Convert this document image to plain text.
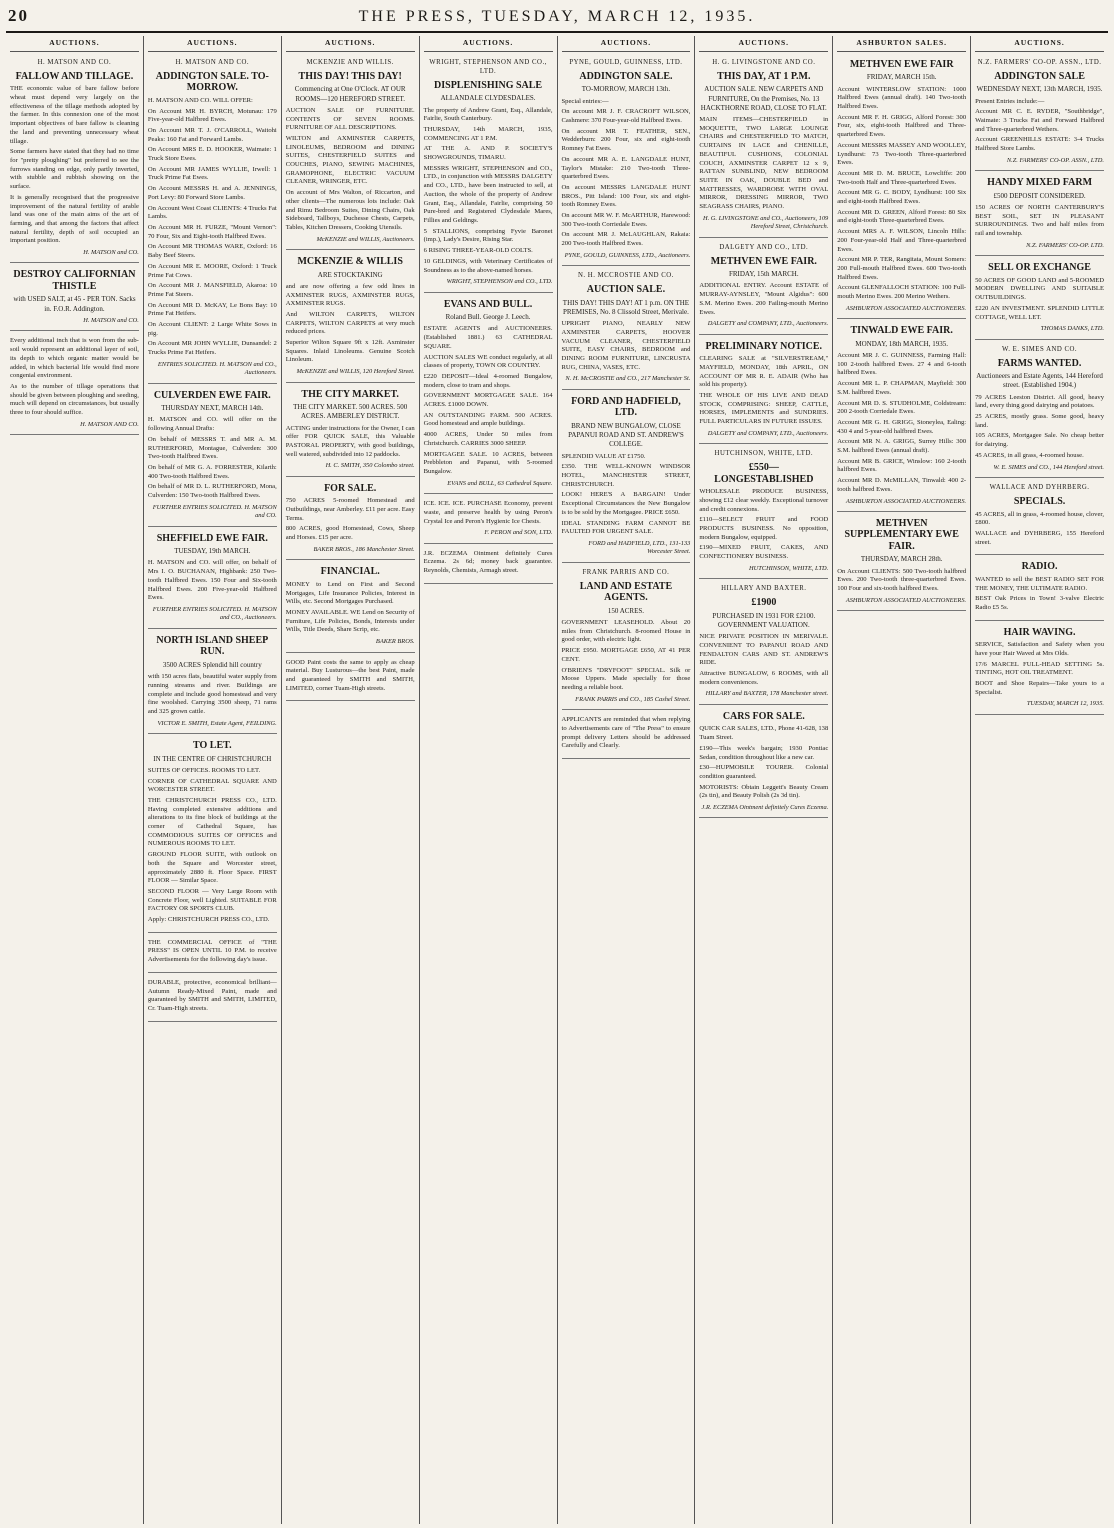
20	THE PRESS, TUESDAY, MARCH 12, 1935.
AUCTIONS.
H. MATSON AND CO.
FALLOW AND TILLAGE.
THE economic value of bare fallow before wheat must depend very largely on the effectiveness of the tillage methods adopted by the farmer. In this connexion one of the most important objectives of bare fallow is cleaning the land and preventing unnecessary wheat tillage.
Some farmers have stated that they had no time for "pretty ploughing" but preferred to see the furrows standing on edge, only partly inverted, with stubble and rubbish showing on the surface.
It is generally recognised that the progressive improvement of the natural fertility of arable land was one of the main aims of the art of farming, and that among the factors that affect natural fertility, depth of soil occupied an important position.
H. MATSON and CO.
DESTROY CALIFORNIAN THISTLE
with USED SALT, at 45 - PER TON. Sacks in. F.O.R. Addington.
H. MATSON and CO.
Every additional inch that is won from the sub-soil would represent an additional layer of soil, its depth to which organic matter would be added, in which bacterial life would find more congenial environment.
As to the number of tillage operations that should be given between ploughing and seeding, much will depend on circumstances, but usually three to four should suffice.
H. MATSON AND CO.
AUCTIONS.
H. MATSON AND CO.
ADDINGTON SALE. TO-MORROW.
H. MATSON AND CO. WILL OFFER:
On Account MR H. BYRCH, Motunau: 179 Five-year-old Halfbred Ewes.
On Account MR T. J. O'CARROLL, Waitohi Peaks: 160 Fat and Forward Lambs.
On Account MRS E. D. HOOKER, Waimate: 1 Truck Store Ewes.
On Account MR JAMES WYLLIE, Irwell: 1 Truck Prime Fat Ewes.
On Account MESSRS H. and A. JENNINGS, Port Levy: 80 Forward Store Lambs.
On Account West Coast CLIENTS: 4 Trucks Fat Lambs.
On Account MR H. FURZE, "Mount Vernon": 70 Four, Six and Eight-tooth Halfbred Ewes.
On Account MR THOMAS WARE, Oxford: 16 Baby Beef Steers.
On Account MR E. MOORE, Oxford: 1 Truck Prime Fat Cows.
On Account MR J. MANSFIELD, Akaroa: 10 Prime Fat Steers.
On Account MR D. McKAY, Le Bons Bay: 10 Prime Fat Heifers.
On Account CLIENT: 2 Large White Sows in pig.
On Account MR JOHN WYLLIE, Dunsandel: 2 Trucks Prime Fat Heifers.
ENTRIES SOLICITED. H. MATSON and CO., Auctioneers.
CULVERDEN EWE FAIR.
THURSDAY NEXT, MARCH 14th.
H. MATSON and CO. will offer on the following Annual Drafts:
On behalf of MESSRS T. and MR A. M. RUTHERFORD, Montague, Culverden: 300 Two-tooth Halfbred Ewes.
On behalf of MR G. A. FORRESTER, Kilarth: 400 Two-tooth Halfbred Ewes.
On behalf of MR D. L. RUTHERFORD, Mona, Culverden: 150 Two-tooth Halfbred Ewes.
FURTHER ENTRIES SOLICITED. H. MATSON and CO.
SHEFFIELD EWE FAIR.
TUESDAY, 19th MARCH.
H. MATSON and CO. will offer, on behalf of Mrs I. O. BUCHANAN, Highbank: 250 Two-tooth Halfbred Ewes. 150 Four and Six-tooth Halfbred Ewes. 200 Five-year-old Halfbred Ewes.
FURTHER ENTRIES SOLICITED. H. MATSON and CO., Auctioneers.
NORTH ISLAND SHEEP RUN.
3500 ACRES Splendid hill country
with 150 acres flats, beautiful water supply from running streams and river. Buildings are complete and include good homestead and very fine woolshed. Carrying 3500 sheep, 71 rams and 325 grown cattle.
VICTOR E. SMITH, Estate Agent, FEILDING.
TO LET.
IN THE CENTRE OF CHRISTCHURCH
SUITES OF OFFICES. ROOMS TO LET.
CORNER OF CATHEDRAL SQUARE AND WORCESTER STREET.
THE CHRISTCHURCH PRESS CO., LTD. Having completed extensive additions and alterations to its fine block of buildings at the corner of Cathedral Square, has COMMODIOUS SUITES OF OFFICES and NUMEROUS ROOMS TO LET.
GROUND FLOOR SUITE, with outlook on both the Square and Worcester street, approximately 2880 ft. Floor Space. FIRST FLOOR — Similar Space.
SECOND FLOOR — Very Large Room with Concrete Floor, well Lighted. SUITABLE FOR FACTORY OR SPORTS CLUB.
Apply: CHRISTCHURCH PRESS CO., LTD.
THE COMMERCIAL OFFICE of "THE PRESS" IS OPEN UNTIL 10 P.M. to receive Advertisements for the following day's issue.
DURABLE, protective, economical brilliant—Autumn Ready-Mixed Paint, made and guaranteed by SMITH and SMITH, LIMITED, Cr. Tuam-High streets.
AUCTIONS.
MCKENZIE AND WILLIS.
THIS DAY! THIS DAY!
Commencing at One O'Clock. AT OUR ROOMS—120 HEREFORD STREET.
AUCTION SALE OF FURNITURE. CONTENTS OF SEVEN ROOMS. FURNITURE OF ALL DESCRIPTIONS.
WILTON and AXMINSTER CARPETS, LINOLEUMS, BEDROOM and DINING SUITES, CHESTERFIELD SUITES and COUCHES, PIANO, SEWING MACHINES, GRAMOPHONE, ELECTRIC VACUUM CLEANER, WRINGER, ETC.
On account of Mrs Walton, of Riccarton, and other clients—The numerous lots include: Oak and Rimu Bedroom Suites, Dining Chairs, Oak Sideboard, Tallboys, Duchesse Chests, Carpets, Tables, Kitchen Dressers, Cooking Utensils.
McKENZIE and WILLIS, Auctioneers.
MCKENZIE & WILLIS
ARE STOCKTAKING
and are now offering a few odd lines in AXMINSTER RUGS, AXMINSTER RUGS, AXMINSTER RUGS.
And WILTON CARPETS, WILTON CARPETS, WILTON CARPETS at very much reduced prices.
Superior Wilton Square 9ft x 12ft. Axminster Squares. Inlaid Linoleums. Genuine Scotch Linoleum.
McKENZIE and WILLIS, 120 Hereford Street.
THE CITY MARKET.
THE CITY MARKET. 500 ACRES. 500 ACRES. AMBERLEY DISTRICT.
ACTING under instructions for the Owner, I can offer FOR QUICK SALE, this Valuable PASTORAL PROPERTY, with good buildings, well watered, subdivided into 12 paddocks.
H. C. SMITH, 350 Colombo street.
FOR SALE.
750 ACRES 5-roomed Homestead and Outbuildings, near Amberley. £11 per acre. Easy Terms.
800 ACRES, good Homestead, Cows, Sheep and Horses. £15 per acre.
BAKER BROS., 186 Manchester Street.
FINANCIAL.
MONEY to Lend on First and Second Mortgages, Life Insurance Policies, Interest in Wills, etc. Second Mortgages Purchased.
MONEY AVAILABLE. WE Lend on Security of Furniture, Life Policies, Bonds, Interests under Wills, Title Deeds, Share Scrip, etc.
BAKER BROS.
GOOD Paint costs the same to apply as cheap material. Buy Lusturous—the best Paint, made and guaranteed by SMITH and SMITH, LIMITED, corner Tuam-High streets.
AUCTIONS.
WRIGHT, STEPHENSON AND CO., LTD.
DISPLENISHING SALE
ALLANDALE CLYDESDALES.
The property of Andrew Grant, Esq., Allandale, Fairlie, South Canterbury.
THURSDAY, 14th MARCH, 1935, COMMENCING AT 1 P.M.
AT THE A. AND P. SOCIETY'S SHOWGROUNDS, TIMARU.
MESSRS WRIGHT, STEPHENSON and CO., LTD., in conjunction with MESSRS DALGETY and CO., LTD., have been instructed to sell, at Auction, the whole of the property of Andrew Grant, Esq., Allandale, Fairlie, comprising 50 Pure-bred and Registered Clydesdale Mares, Fillies and Geldings.
5 STALLIONS, comprising Fyvie Baronet (imp.), Lady's Desire, Rising Star.
6 RISING THREE-YEAR-OLD COLTS.
10 GELDINGS, with Veterinary Certificates of Soundness as to the above-named horses.
WRIGHT, STEPHENSON and CO., LTD.
EVANS AND BULL.
Roland Bull. George J. Leech.
ESTATE AGENTS and AUCTIONEERS. (Established 1881.) 63 CATHEDRAL SQUARE.
AUCTION SALES WE conduct regularly, at all classes of property, TOWN OR COUNTRY.
£220 DEPOSIT—Ideal 4-roomed Bungalow, modern, close to tram and shops.
GOVERNMENT MORTGAGEE SALE. 164 ACRES. £1000 DOWN.
AN OUTSTANDING FARM. 500 ACRES. Good homestead and ample buildings.
4000 ACRES, Under 50 miles from Christchurch. CARRIES 3000 SHEEP.
MORTGAGEE SALE. 10 ACRES, between Prebbleton and Papanui, with 5-roomed Bungalow.
EVANS and BULL, 63 Cathedral Square.
ICE. ICE. ICE. PURCHASE Economy, prevent waste, and preserve health by using Peron's Crystal Ice and Peron's Hygienic Ice Chests.
F. PERON and SON, LTD.
J.R. ECZEMA Ointment definitely Cures Eczema. 2s 6d; money back guarantee. Reynolds, Chemists, Armagh street.
AUCTIONS.
PYNE, GOULD, GUINNESS, LTD.
ADDINGTON SALE.
TO-MORROW, MARCH 13th.
Special entries:—
On account MR J. F. CRACROFT WILSON, Cashmere: 370 Four-year-old Halfbred Ewes.
On account MR T. FEATHER, SEN., Wedderburn: 200 Four, six and eight-tooth Romney Fat Ewes.
On account MR A. E. LANGDALE HUNT, Taylor's Mistake: 210 Two-tooth Three-quarterbred Ewes.
On account MESSRS LANGDALE HUNT BROS., Pitt Island: 100 Four, six and eight-tooth Romney Ewes.
On account MR W. F. McARTHUR, Harewood: 300 Two-tooth Corriedale Ewes.
On account MR J. McLAUGHLAN, Rakaia: 200 Two-tooth Halfbred Ewes.
PYNE, GOULD, GUINNESS, LTD., Auctioneers.
N. H. MCCROSTIE AND CO.
AUCTION SALE.
THIS DAY! THIS DAY! AT 1 p.m. ON THE PREMISES, No. 8 Clissold Street, Merivale.
UPRIGHT PIANO, NEARLY NEW AXMINSTER CARPETS, HOOVER VACUUM CLEANER, CHESTERFIELD SUITE, EASY CHAIRS, BEDROOM and DINING ROOM FURNITURE, LINCRUSTA RUG, CHINA, VASES, ETC.
N. H. McCROSTIE and CO., 217 Manchester St.
FORD AND HADFIELD, LTD.
BRAND NEW BUNGALOW, CLOSE PAPANUI ROAD AND ST. ANDREW'S COLLEGE.
SPLENDID VALUE AT £1750.
£350. THE WELL-KNOWN WINDSOR HOTEL, MANCHESTER STREET, CHRISTCHURCH.
LOOK! HERE'S A BARGAIN! Under Exceptional Circumstances the New Bungalow is to be sold by the Mortgagee. PRICE £650.
IDEAL STANDING FARM CANNOT BE FAULTED FOR URGENT SALE.
FORD and HADFIELD, LTD., 131-133 Worcester Street.
FRANK PARRIS AND CO.
LAND AND ESTATE AGENTS.
150 ACRES.
GOVERNMENT LEASEHOLD. About 20 miles from Christchurch. 8-roomed House in good order, with electric light.
PRICE £950. MORTGAGE £650, AT 41 PER CENT.
O'BRIEN'S "DRYFOOT" SPECIAL. Silk or Moose Uppers. Made specially for those needing a reliable boot.
FRANK PARRIS and CO., 185 Cashel Street.
APPLICANTS are reminded that when replying to Advertisements care of "The Press" to ensure prompt delivery Letters should be addressed Carefully and Clearly.
AUCTIONS.
H. G. LIVINGSTONE AND CO.
THIS DAY, AT 1 P.M.
AUCTION SALE. NEW CARPETS AND FURNITURE, On the Premises, No. 13 HACKTHORNE ROAD, CLOSE TO FLAT.
MAIN ITEMS—CHESTERFIELD in MOQUETTE, TWO LARGE LOUNGE CHAIRS and CHESTERFIELD TO MATCH, CURTAINS IN LACE and CHENILLE, BEAUTIFUL CUSHIONS, COLONIAL COUCH, AXMINSTER CARPET 12 x 9, RATTAN SUNBLIND, NEW BEDROOM SUITE IN OAK, DOUBLE BED and MATTRESSES, WARDROBE WITH OVAL MIRROR, DRESSING MIRROR, TWO SEAGRASS CHAIRS, PIANO.
H. G. LIVINGSTONE and CO., Auctioneers, 109 Hereford Street, Christchurch.
DALGETY AND CO., LTD.
METHVEN EWE FAIR.
FRIDAY, 15th MARCH.
ADDITIONAL ENTRY. Account ESTATE of MURRAY-AYNSLEY, "Mount Algidus": 600 S.M. Merino Ewes. 200 Failing-mouth Merino Ewes.
DALGETY and COMPANY, LTD., Auctioneers.
PRELIMINARY NOTICE.
CLEARING SALE at "SILVERSTREAM," MAYFIELD, MONDAY, 18th APRIL, ON ACCOUNT OF MR R. E. ADAIR (Who has sold his property).
THE WHOLE OF HIS LIVE AND DEAD STOCK, COMPRISING: SHEEP, CATTLE, HORSES, IMPLEMENTS and SUNDRIES. FULL PARTICULARS IN FUTURE ISSUES.
DALGETY and COMPANY, LTD., Auctioneers.
HUTCHINSON, WHITE, LTD.
£550—LONGESTABLISHED
WHOLESALE PRODUCE BUSINESS, showing £12 clear weekly. Exceptional turnover and credit connexions.
£110—SELECT FRUIT and FOOD PRODUCTS BUSINESS. No opposition, modern Bungalow, equipped.
£190—MIXED FRUIT, CAKES, AND CONFECTIONERY BUSINESS.
HUTCHINSON, WHITE, LTD.
HILLARY AND BAXTER.
£1900
PURCHASED IN 1931 FOR £2100. GOVERNMENT VALUATION.
NICE PRIVATE POSITION IN MERIVALE. CONVENIENT TO PAPANUI ROAD AND FENDALTON CARS AND ST. ANDREW'S RIDE.
Attractive BUNGALOW, 6 ROOMS, with all modern conveniences.
HILLARY and BAXTER, 178 Manchester street.
CARS FOR SALE.
QUICK CAR SALES, LTD., Phone 41-628, 138 Tuam Street.
£190—This week's bargain; 1930 Pontiac Sedan, condition throughout like a new car.
£30—HUPMOBILE TOURER. Colonial condition guaranteed.
MOTORISTS: Obtain Leggett's Beauty Cream (2s tin), and Beauty Polish (2s 3d tin).
J.R. ECZEMA Ointment definitely Cures Eczema.
ASHBURTON SALES.
METHVEN EWE FAIR
FRIDAY, MARCH 15th.
Account WINTERSLOW STATION: 1000 Halfbred Ewes (annual draft). 140 Two-tooth Halfbred Ewes.
Account MR F. H. GRIGG, Alford Forest: 300 Four, six, eight-tooth Halfbred and Three-quarterbred Ewes.
Account MESSRS MASSEY AND WOOLLEY, Lyndhurst: 73 Two-tooth Three-quarterbred Ewes.
Account MR D. M. BRUCE, Lowcliffe: 200 Two-tooth Half and Three-quarterbred Ewes.
Account MR G. C. BODY, Lyndhurst: 100 Six and eight-tooth Halfbred Ewes.
Account MR D. GREEN, Alford Forest: 80 Six and eight-tooth Three-quarterbred Ewes.
Account MRS A. F. WILSON, Lincoln Hills: 200 Four-year-old Half and Three-quarterbred Ewes.
Account MR P. TER, Rangitata, Mount Somers: 200 Full-mouth Halfbred Ewes. 600 Two-tooth Halfbred Ewes.
Account GLENFALLOCH STATION: 100 Full-mouth Merino Ewes. 200 Merino Wethers.
ASHBURTON ASSOCIATED AUCTIONEERS.
TINWALD EWE FAIR.
MONDAY, 18th MARCH, 1935.
Account MR J. C. GUINNESS, Farming Hall: 100 2-tooth halfbred Ewes. 27 4 and 6-tooth halfbred Ewes.
Account MR L. P. CHAPMAN, Mayfield: 300 S.M. halfbred Ewes.
Account MR D. S. STUDHOLME, Coldstream: 200 2-tooth Corriedale Ewes.
Account MR G. H. GRIGG, Stoneylea, Ealing: 430 4 and 5-year-old halfbred Ewes.
Account MR N. A. GRIGG, Surrey Hills: 300 S.M. halfbred Ewes (annual draft).
Account MR B. GRICE, Winslow: 160 2-tooth halfbred Ewes.
Account MR D. McMILLAN, Tinwald: 400 2-tooth halfbred Ewes.
ASHBURTON ASSOCIATED AUCTIONEERS.
METHVEN SUPPLEMENTARY EWE FAIR.
THURSDAY, MARCH 28th.
On Account CLIENTS: 500 Two-tooth halfbred Ewes. 200 Two-tooth three-quarterbred Ewes. 100 Four and six-tooth halfbred Ewes.
ASHBURTON ASSOCIATED AUCTIONEERS.
AUCTIONS.
N.Z. FARMERS' CO-OP. ASSN., LTD.
ADDINGTON SALE
WEDNESDAY NEXT, 13th MARCH, 1935.
Present Entries include:—
Account MR C. E. RYDER, "Southbridge", Waimate: 3 Trucks Fat and Forward Halfbred and Three-quarterbred Wethers.
Account GREENHILLS ESTATE: 3-4 Trucks Halfbred Store Lambs.
N.Z. FARMERS' CO-OP. ASSN., LTD.
HANDY MIXED FARM
£500 DEPOSIT CONSIDERED.
150 ACRES OF NORTH CANTERBURY'S BEST SOIL, SET IN PLEASANT SURROUNDINGS. Two and half miles from rail and township.
N.Z. FARMERS' CO-OP. LTD.
SELL OR EXCHANGE
50 ACRES OF GOOD LAND and 5-ROOMED MODERN DWELLING AND SUITABLE OUTBUILDINGS.
£220 AN INVESTMENT. SPLENDID LITTLE COTTAGE, WELL LET.
THOMAS DANKS, LTD.
W. E. SIMES AND CO.
FARMS WANTED.
Auctioneers and Estate Agents, 144 Hereford street. (Established 1904.)
79 ACRES Leeston District. All good, heavy land, every thing good dairying and potatoes.
25 ACRES, mostly grass. Some good, heavy land.
105 ACRES, Mortgagee Sale. No cheap better for dairying.
45 ACRES, in all grass, 4-roomed house.
W. E. SIMES and CO., 144 Hereford street.
WALLACE AND DYHRBERG.
SPECIALS.
45 ACRES, all in grass, 4-roomed house, clover, £800.
WALLACE and DYHRBERG, 155 Hereford street.
RADIO.
WANTED to sell the BEST RADIO SET FOR THE MONEY, THE ULTIMATE RADIO.
BEST Oak Prices in Town! 3-valve Electric Radio £5 5s.
HAIR WAVING.
SERVICE, Satisfaction and Safety when you have your Hair Waved at Mrs Olds.
17/6 MARCEL FULL-HEAD SETTING 5s. TINTING, HOT OIL TREATMENT.
BOOT and Shoe Repairs—Take yours to a Specialist.
TUESDAY, MARCH 12, 1935.
